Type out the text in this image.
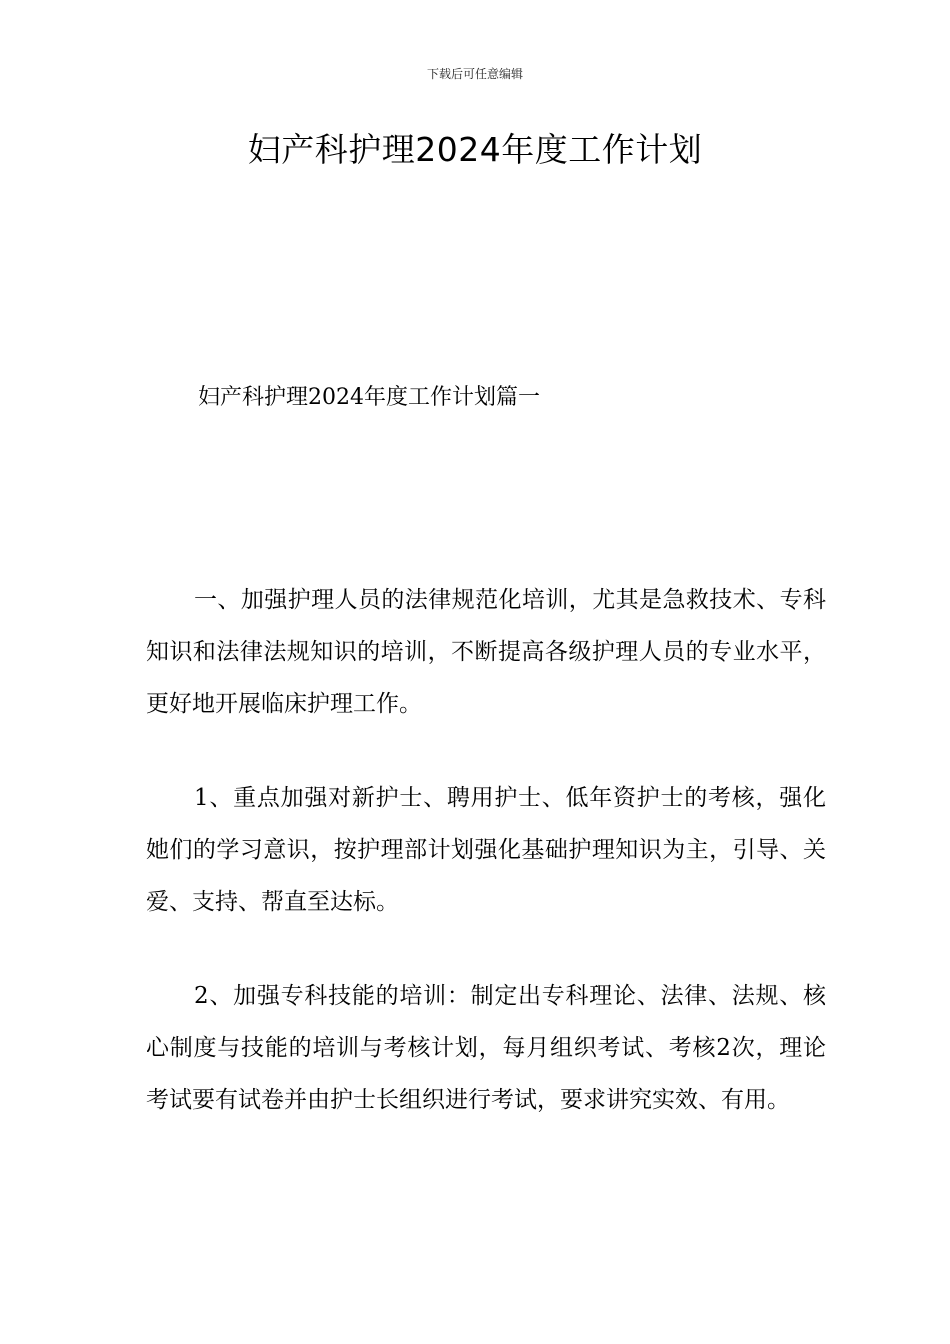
下载后可任意编辑
妇产科护理2024年度工作计划
妇产科护理2024年度工作计划篇一

一、加强护理人员的法律规范化培训，尤其是急救技术、专科知识和法律法规知识的培训，不断提高各级护理人员的专业水平，更好地开展临床护理工作。

1、重点加强对新护士、聘用护士、低年资护士的考核，强化她们的学习意识，按护理部计划强化基础护理知识为主，引导、关爱、支持、帮直至达标。

2、加强专科技能的培训：制定出专科理论、法律、法规、核心制度与技能的培训与考核计划，每月组织考试、考核2次，理论考试要有试卷并由护士长组织进行考试，要求讲究实效、有用。
